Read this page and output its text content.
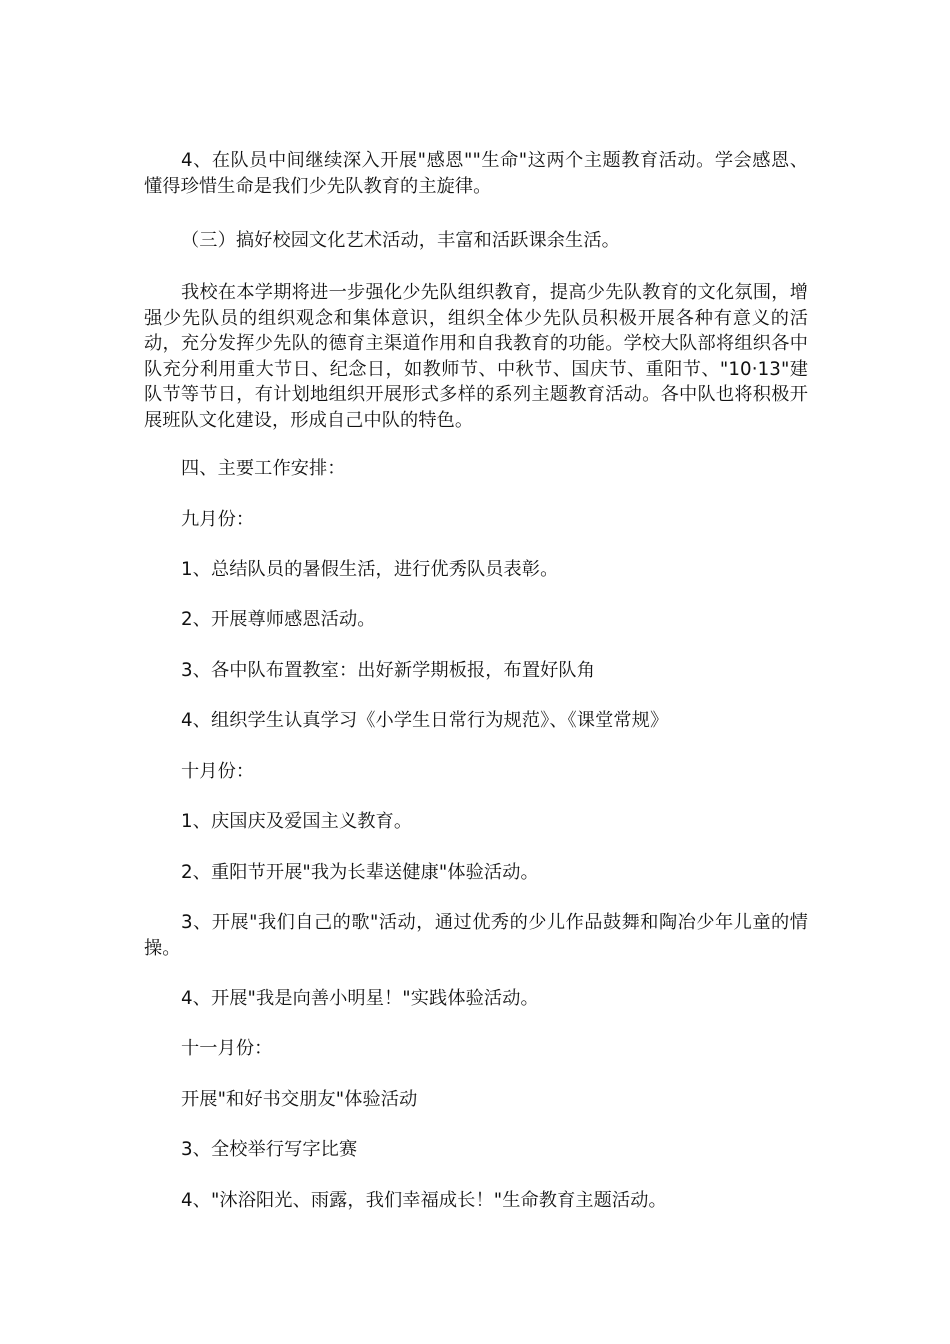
4、在队员中间继续深入开展"感恩""生命"这两个主题教育活动。学会感恩、懂得珍惜生命是我们少先队教育的主旋律。

（三）搞好校园文化艺术活动，丰富和活跃课余生活。

我校在本学期将进一步强化少先队组织教育，提高少先队教育的文化氛围，增强少先队员的组织观念和集体意识，组织全体少先队员积极开展各种有意义的活动，充分发挥少先队的德育主渠道作用和自我教育的功能。学校大队部将组织各中队充分利用重大节日、纪念日，如教师节、中秋节、国庆节、重阳节、"10·13"建队节等节日，有计划地组织开展形式多样的系列主题教育活动。各中队也将积极开展班队文化建设，形成自己中队的特色。

四、主要工作安排：

九月份：

1、总结队员的暑假生活，进行优秀队员表彰。

2、开展尊师感恩活动。

3、各中队布置教室：出好新学期板报，布置好队角

4、组织学生认真学习《小学生日常行为规范》、《课堂常规》

十月份：

1、庆国庆及爱国主义教育。

2、重阳节开展"我为长辈送健康"体验活动。

3、开展"我们自己的歌"活动，通过优秀的少儿作品鼓舞和陶冶少年儿童的情操。

4、开展"我是向善小明星！"实践体验活动。

十一月份：

开展"和好书交朋友"体验活动

3、全校举行写字比赛

4、"沐浴阳光、雨露，我们幸福成长！"生命教育主题活动。
